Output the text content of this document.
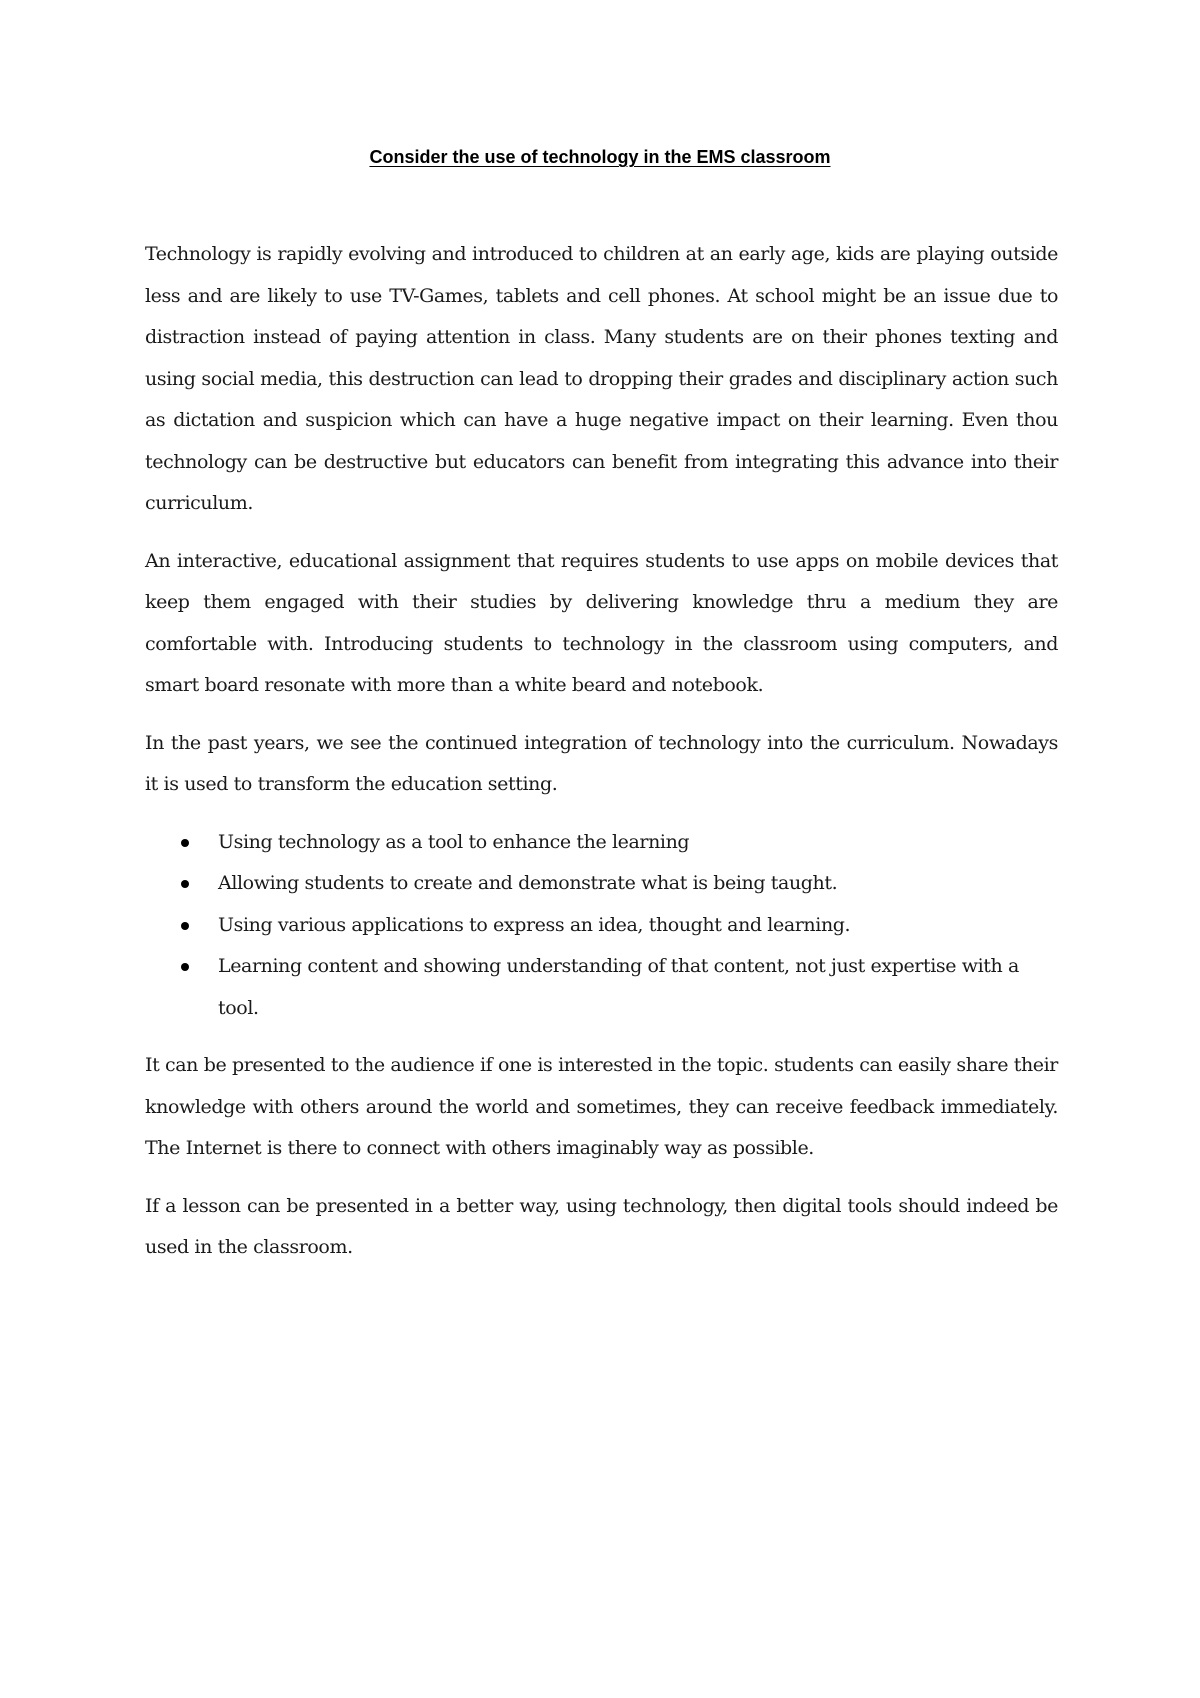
Consider the use of technology in the EMS classroom

Technology is rapidly evolving and introduced to children at an early age, kids are playing outside less and are likely to use TV-Games, tablets and cell phones. At school might be an issue due to distraction instead of paying attention in class. Many students are on their phones texting and using social media, this destruction can lead to dropping their grades and disciplinary action such as dictation and suspicion which can have a huge negative impact on their learning. Even thou technology can be destructive but educators can benefit from integrating this advance into their curriculum.

An interactive, educational assignment that requires students to use apps on mobile devices that keep them engaged with their studies by delivering knowledge thru a medium they are comfortable with. Introducing students to technology in the classroom using computers, and smart board resonate with more than a white beard and notebook.

In the past years, we see the continued integration of technology into the curriculum. Nowadays it is used to transform the education setting.

Using technology as a tool to enhance the learning
Allowing students to create and demonstrate what is being taught.
Using various applications to express an idea, thought and learning.
Learning content and showing understanding of that content, not just expertise with a tool.

It can be presented to the audience if one is interested in the topic. students can easily share their knowledge with others around the world and sometimes, they can receive feedback immediately. The Internet is there to connect with others imaginably way as possible.

If a lesson can be presented in a better way, using technology, then digital tools should indeed be used in the classroom.
